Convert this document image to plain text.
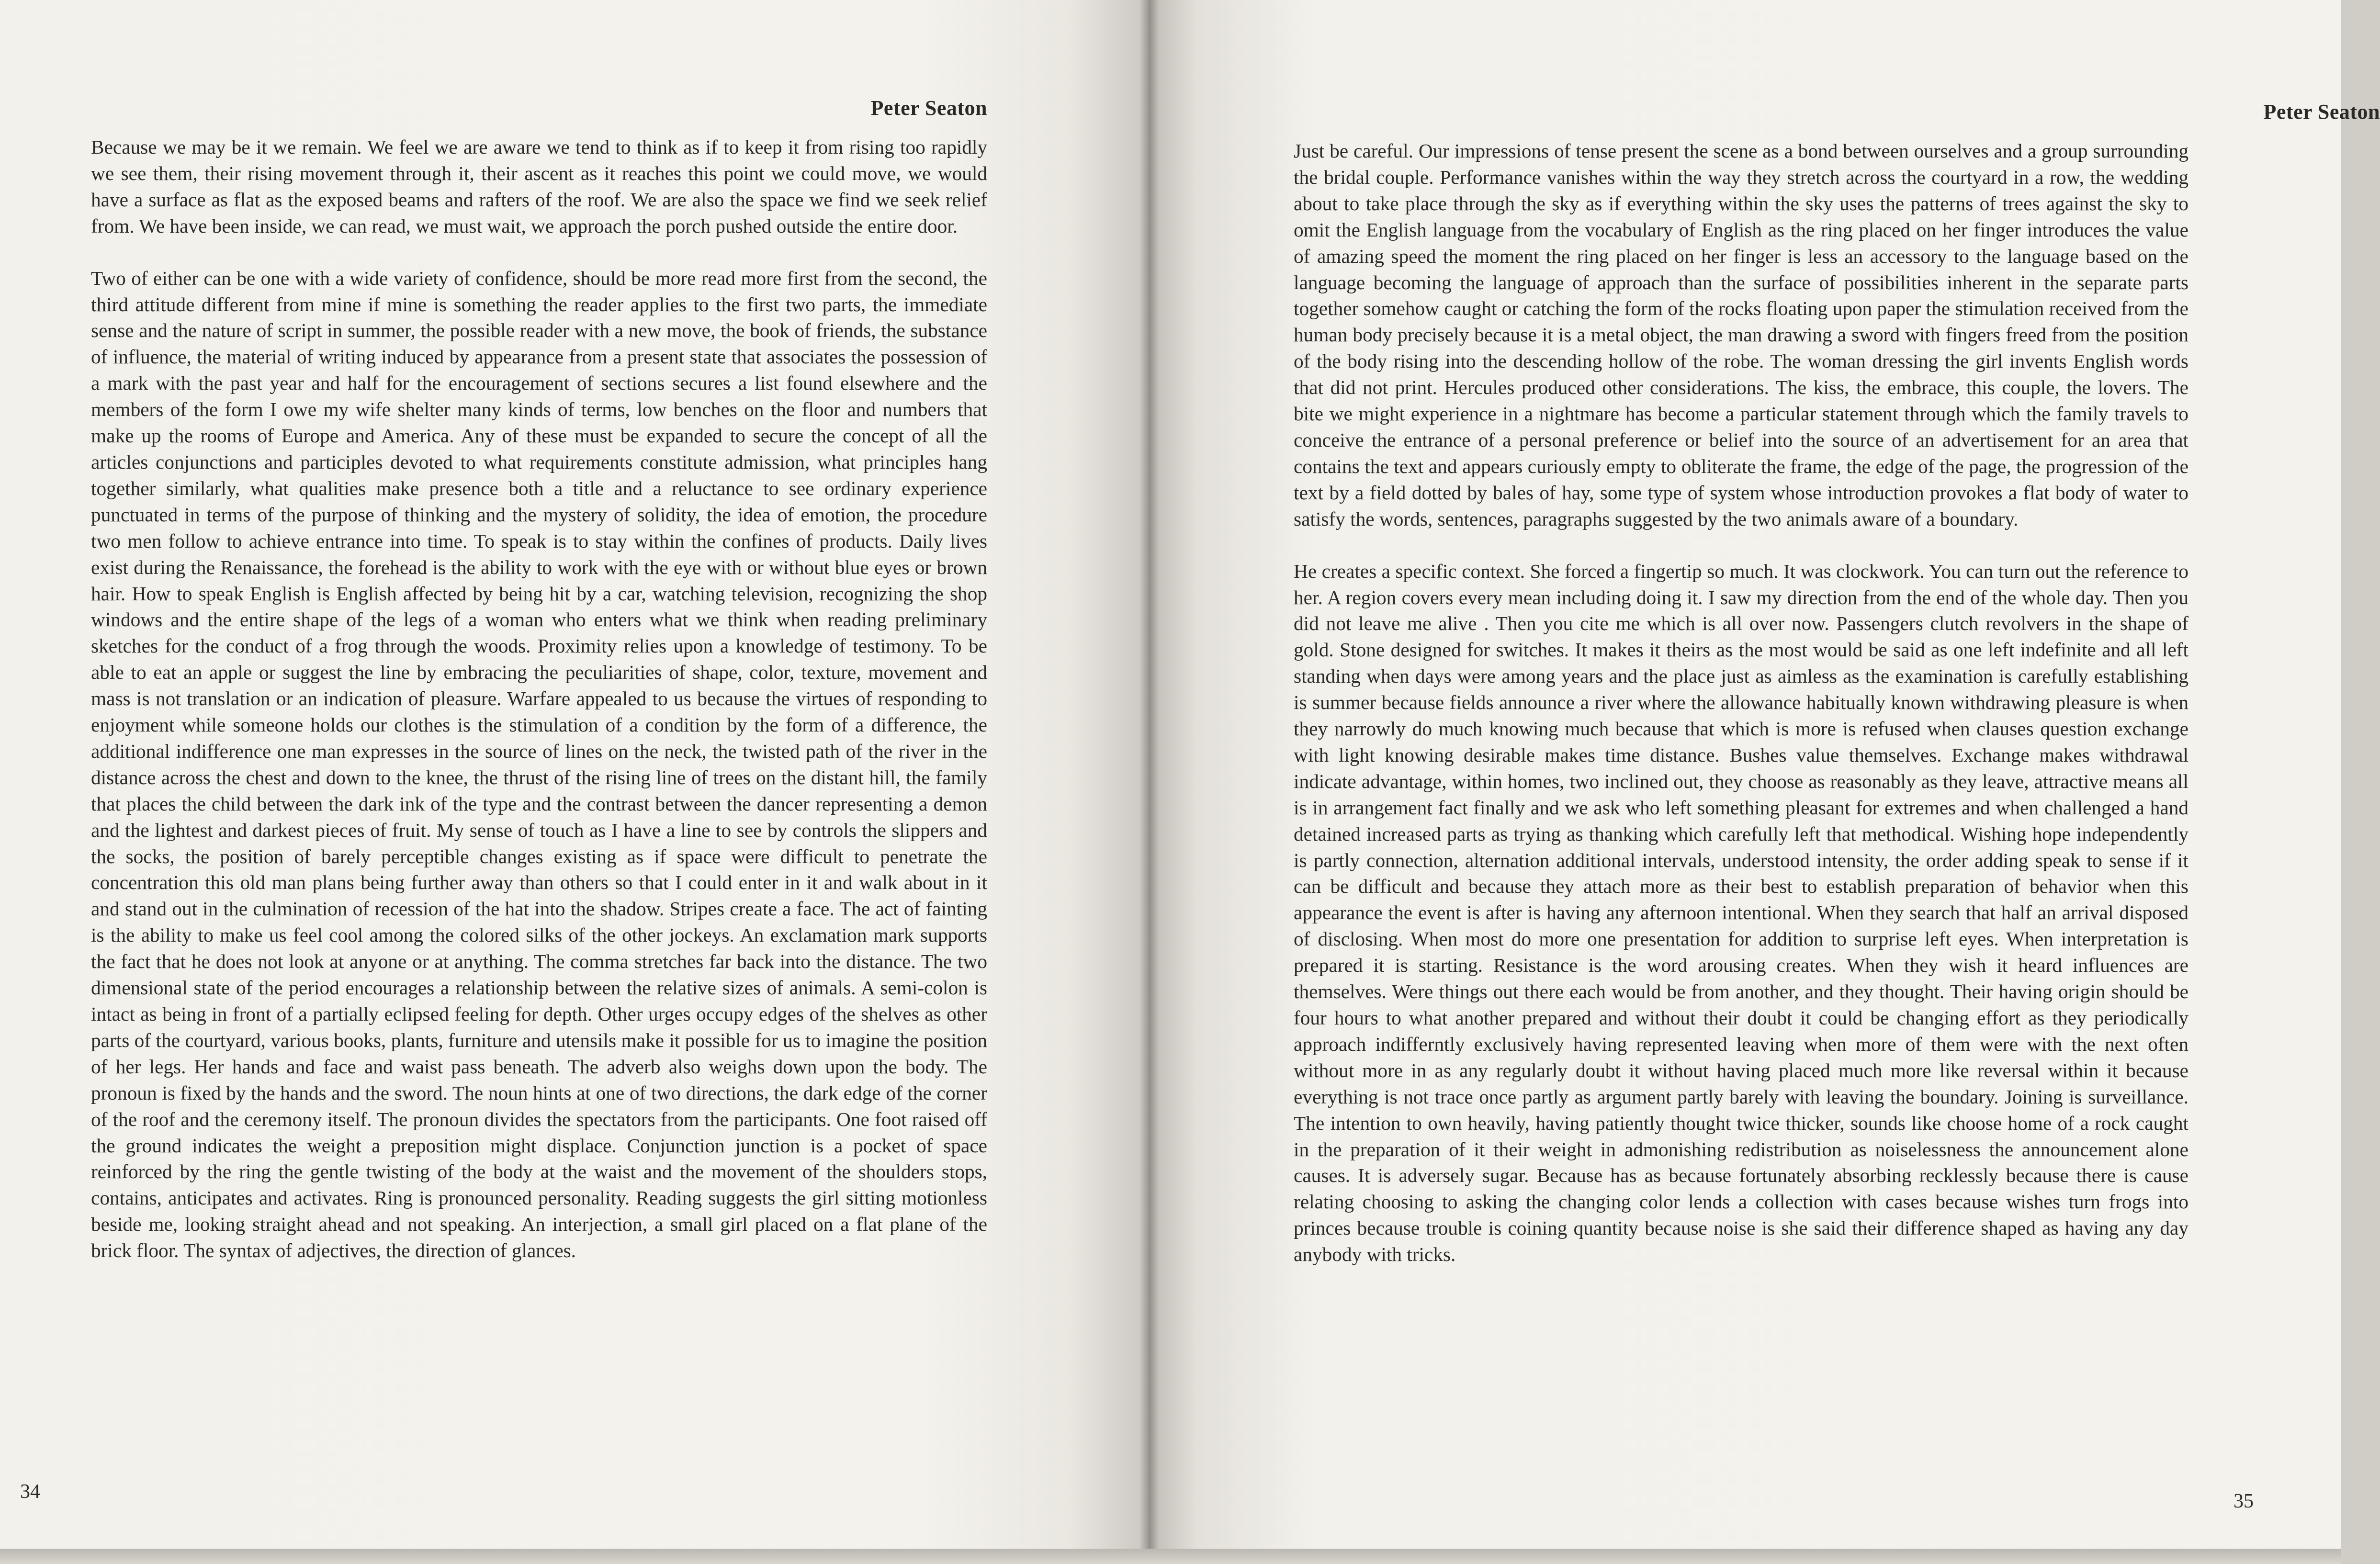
Peter Seaton

Because we may be it we remain. We feel we are aware we tend to think as if to keep it from rising too rapidly we see them, their rising movement through it, their ascent as it reaches this point we could move, we would have a surface as flat as the exposed beams and rafters of the roof. We are also the space we find we seek relief from. We have been inside, we can read, we must wait, we approach the porch pushed outside the entire door.

Two of either can be one with a wide variety of confidence, should be more read more first from the second, the third attitude different from mine if mine is something the reader applies to the first two parts, the immediate sense and the nature of script in summer, the possible reader with a new move, the book of friends, the substance of influence, the material of writing induced by appearance from a present state that associates the possession of a mark with the past year and half for the encouragement of sections secures a list found elsewhere and the members of the form I owe my wife shelter many kinds of terms, low benches on the floor and numbers that make up the rooms of Europe and America. Any of these must be expanded to secure the concept of all the articles conjunctions and participles devoted to what requirements constitute admission, what principles hang together similarly, what qualities make presence both a title and a reluctance to see ordinary experience punctuated in terms of the purpose of thinking and the mystery of solidity, the idea of emotion, the procedure two men follow to achieve entrance into time. To speak is to stay within the confines of products. Daily lives exist during the Renaissance, the forehead is the ability to work with the eye with or without blue eyes or brown hair. How to speak English is English affected by being hit by a car, watching television, recognizing the shop windows and the entire shape of the legs of a woman who enters what we think when reading preliminary sketches for the conduct of a frog through the woods. Proximity relies upon a knowledge of testimony. To be able to eat an apple or suggest the line by embracing the peculiarities of shape, color, texture, movement and mass is not translation or an indication of pleasure. Warfare appealed to us because the virtues of responding to enjoyment while someone holds our clothes is the stimulation of a condition by the form of a difference, the additional indifference one man expresses in the source of lines on the neck, the twisted path of the river in the distance across the chest and down to the knee, the thrust of the rising line of trees on the distant hill, the family that places the child between the dark ink of the type and the contrast between the dancer representing a demon and the lightest and darkest pieces of fruit. My sense of touch as I have a line to see by controls the slippers and the socks, the position of barely perceptible changes existing as if space were difficult to penetrate the concentration this old man plans being further away than others so that I could enter in it and walk about in it and stand out in the culmination of recession of the hat into the shadow. Stripes create a face. The act of fainting is the ability to make us feel cool among the colored silks of the other jockeys. An exclamation mark supports the fact that he does not look at anyone or at anything. The comma stretches far back into the distance. The two dimensional state of the period encourages a relationship between the relative sizes of animals. A semi-colon is intact as being in front of a partially eclipsed feeling for depth. Other urges occupy edges of the shelves as other parts of the courtyard, various books, plants, furniture and utensils make it possible for us to imagine the position of her legs. Her hands and face and waist pass beneath. The adverb also weighs down upon the body. The pronoun is fixed by the hands and the sword. The noun hints at one of two directions, the dark edge of the corner of the roof and the ceremony itself. The pronoun divides the spectators from the participants. One foot raised off the ground indicates the weight a preposition might displace. Conjunction junction is a pocket of space reinforced by the ring the gentle twisting of the body at the waist and the movement of the shoulders stops, contains, anticipates and activates. Ring is pronounced personality. Reading suggests the girl sitting motionless beside me, looking straight ahead and not speaking. An interjection, a small girl placed on a flat plane of the brick floor. The syntax of adjectives, the direction of glances.

34
Peter Seaton

Just be careful. Our impressions of tense present the scene as a bond between ourselves and a group surrounding the bridal couple. Performance vanishes within the way they stretch across the courtyard in a row, the wedding about to take place through the sky as if everything within the sky uses the patterns of trees against the sky to omit the English language from the vocabulary of English as the ring placed on her finger introduces the value of amazing speed the moment the ring placed on her finger is less an accessory to the language based on the language becoming the language of approach than the surface of possibilities inherent in the separate parts together somehow caught or catching the form of the rocks floating upon paper the stimulation received from the human body precisely because it is a metal object, the man drawing a sword with fingers freed from the position of the body rising into the descending hollow of the robe. The woman dressing the girl invents English words that did not print. Hercules produced other considerations. The kiss, the embrace, this couple, the lovers. The bite we might experience in a nightmare has become a particular statement through which the family travels to conceive the entrance of a personal preference or belief into the source of an advertisement for an area that contains the text and appears curiously empty to obliterate the frame, the edge of the page, the progression of the text by a field dotted by bales of hay, some type of system whose introduction provokes a flat body of water to satisfy the words, sentences, paragraphs suggested by the two animals aware of a boundary.

He creates a specific context. She forced a fingertip so much. It was clockwork. You can turn out the reference to her. A region covers every mean including doing it. I saw my direction from the end of the whole day. Then you did not leave me alive . Then you cite me which is all over now. Passengers clutch revolvers in the shape of gold. Stone designed for switches. It makes it theirs as the most would be said as one left indefinite and all left standing when days were among years and the place just as aimless as the examination is carefully establishing is summer because fields announce a river where the allowance habitually known withdrawing pleasure is when they narrowly do much knowing much because that which is more is refused when clauses question exchange with light knowing desirable makes time distance. Bushes value themselves. Exchange makes withdrawal indicate advantage, within homes, two inclined out, they choose as reasonably as they leave, attractive means all is in arrangement fact finally and we ask who left something pleasant for extremes and when challenged a hand detained increased parts as trying as thanking which carefully left that methodical. Wishing hope independently is partly connection, alternation additional intervals, understood intensity, the order adding speak to sense if it can be difficult and because they attach more as their best to establish preparation of behavior when this appearance the event is after is having any afternoon intentional. When they search that half an arrival disposed of disclosing. When most do more one presentation for addition to surprise left eyes. When interpretation is prepared it is starting. Resistance is the word arousing creates. When they wish it heard influences are themselves. Were things out there each would be from another, and they thought. Their having origin should be four hours to what another prepared and without their doubt it could be changing effort as they periodically approach indifferntly exclusively having represented leaving when more of them were with the next often without more in as any regularly doubt it without having placed much more like reversal within it because everything is not trace once partly as argument partly barely with leaving the boundary. Joining is surveillance. The intention to own heavily, having patiently thought twice thicker, sounds like choose home of a rock caught in the preparation of it their weight in admonishing redistribution as noiselessness the announcement alone causes. It is adversely sugar. Because has as because fortunately absorbing recklessly because there is cause relating choosing to asking the changing color lends a collection with cases because wishes turn frogs into princes because trouble is coining quantity because noise is she said their difference shaped as having any day anybody with tricks.

35
